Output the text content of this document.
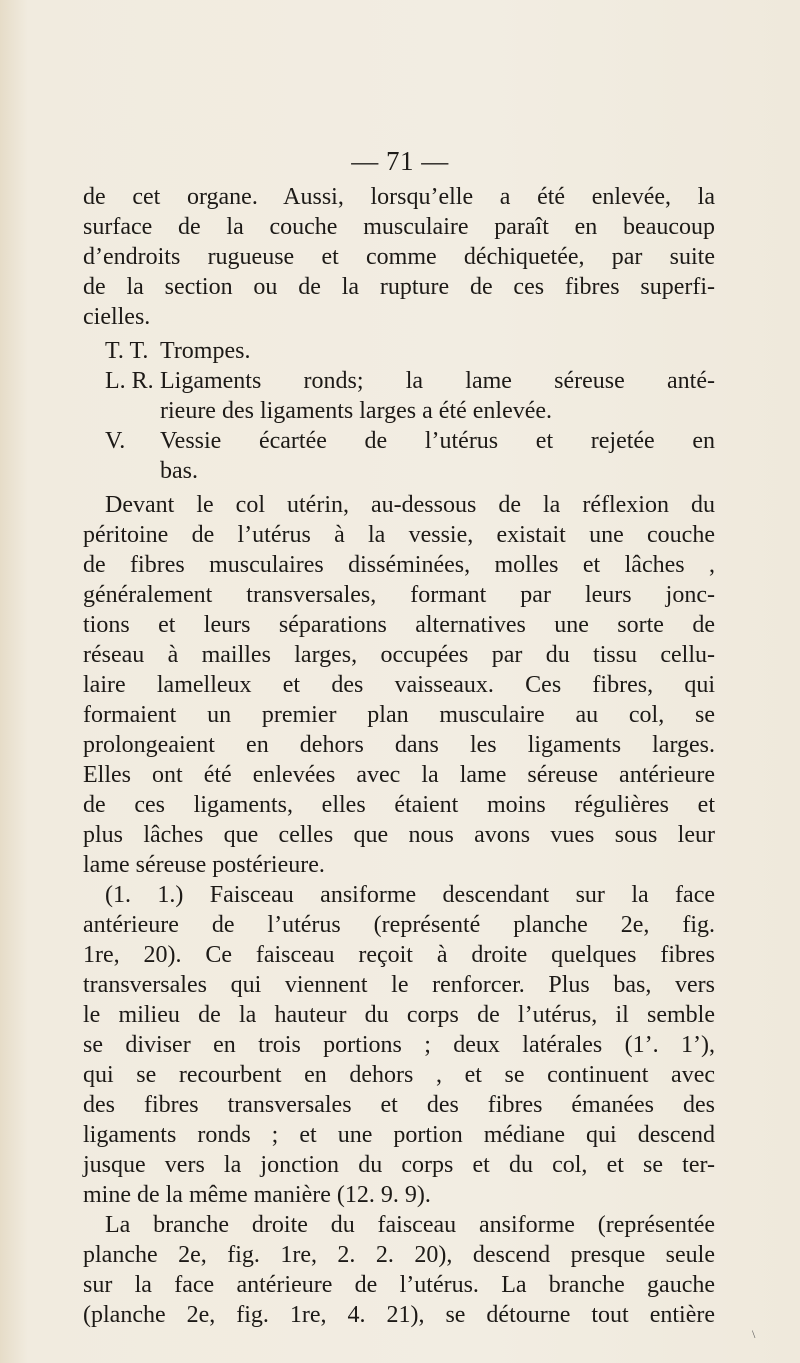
— 71 —
de cet organe. Aussi, lorsqu’elle a été enlevée, la
surface de la couche musculaire paraît en beaucoup
d’endroits rugueuse et comme déchiquetée, par suite
de la section ou de la rupture de ces fibres superfi-
cielles.
T. T. Trompes.
L. R. Ligaments ronds; la lame séreuse anté-
rieure des ligaments larges a été enlevée.
V.	Vessie écartée de l’utérus et rejetée en
bas.
Devant le col utérin, au-dessous de la réflexion du
péritoine de l’utérus à la vessie, existait une couche
de fibres musculaires disséminées, molles et lâches ,
généralement transversales, formant par leurs jonc-
tions et leurs séparations alternatives une sorte de
réseau à mailles larges, occupées par du tissu cellu-
laire lamelleux et des vaisseaux. Ces fibres, qui
formaient un premier plan musculaire au col, se
prolongeaient en dehors dans les ligaments larges.
Elles ont été enlevées avec la lame séreuse antérieure
de ces ligaments, elles étaient moins régulières et
plus lâches que celles que nous avons vues sous leur
lame séreuse postérieure.
(1. 1.) Faisceau ansiforme descendant sur la face
antérieure de l’utérus (représenté planche 2e, fig.
1re, 20). Ce faisceau reçoit à droite quelques fibres
transversales qui viennent le renforcer. Plus bas, vers
le milieu de la hauteur du corps de l’utérus, il semble
se diviser en trois portions ; deux latérales (1’. 1’),
qui se recourbent en dehors , et se continuent avec
des fibres transversales et des fibres émanées des
ligaments ronds ; et une portion médiane qui descend
jusque vers la jonction du corps et du col, et se ter-
mine de la même manière (12. 9. 9).
La branche droite du faisceau ansiforme (représentée
planche 2e, fig. 1re, 2. 2. 20), descend presque seule
sur la face antérieure de l’utérus. La branche gauche
(planche 2e, fig. 1re, 4. 21), se détourne tout entière
\
